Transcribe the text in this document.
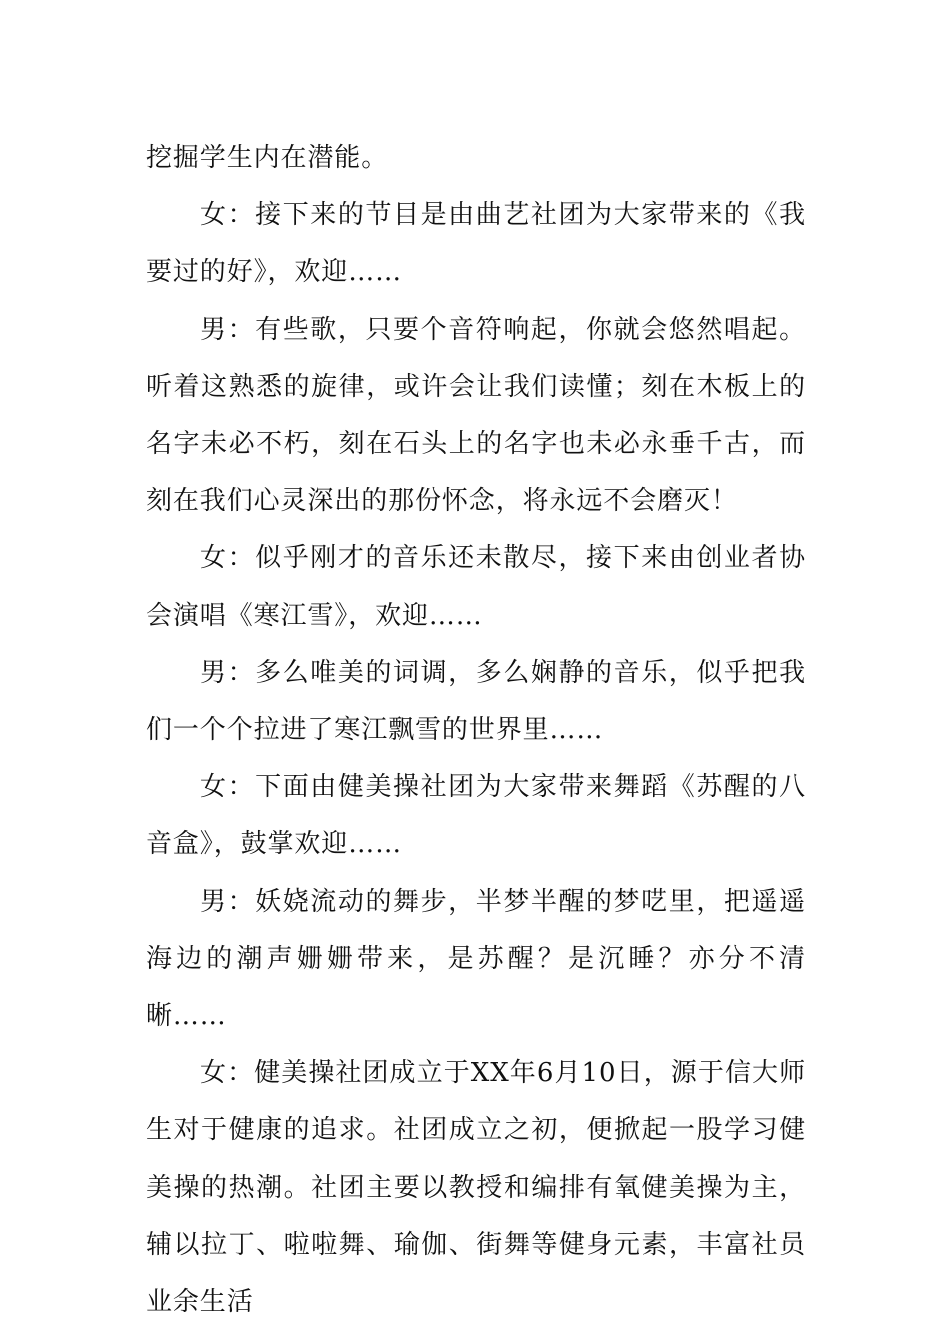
挖掘学生内在潜能。

女：接下来的节目是由曲艺社团为大家带来的《我要过的好》，欢迎……

男：有些歌，只要个音符响起，你就会悠然唱起。听着这熟悉的旋律，或许会让我们读懂；刻在木板上的名字未必不朽，刻在石头上的名字也未必永垂千古，而刻在我们心灵深出的那份怀念，将永远不会磨灭！

女：似乎刚才的音乐还未散尽，接下来由创业者协会演唱《寒江雪》，欢迎……

男：多么唯美的词调，多么娴静的音乐，似乎把我们一个个拉进了寒江飘雪的世界里……

女：下面由健美操社团为大家带来舞蹈《苏醒的八音盒》，鼓掌欢迎……

男：妖娆流动的舞步，半梦半醒的梦呓里，把遥遥海边的潮声姗姗带来，是苏醒？是沉睡？亦分不清晰……

女：健美操社团成立于XX年6月10日，源于信大师生对于健康的追求。社团成立之初，便掀起一股学习健美操的热潮。社团主要以教授和编排有氧健美操为主，辅以拉丁、啦啦舞、瑜伽、街舞等健身元素，丰富社员业余生活
